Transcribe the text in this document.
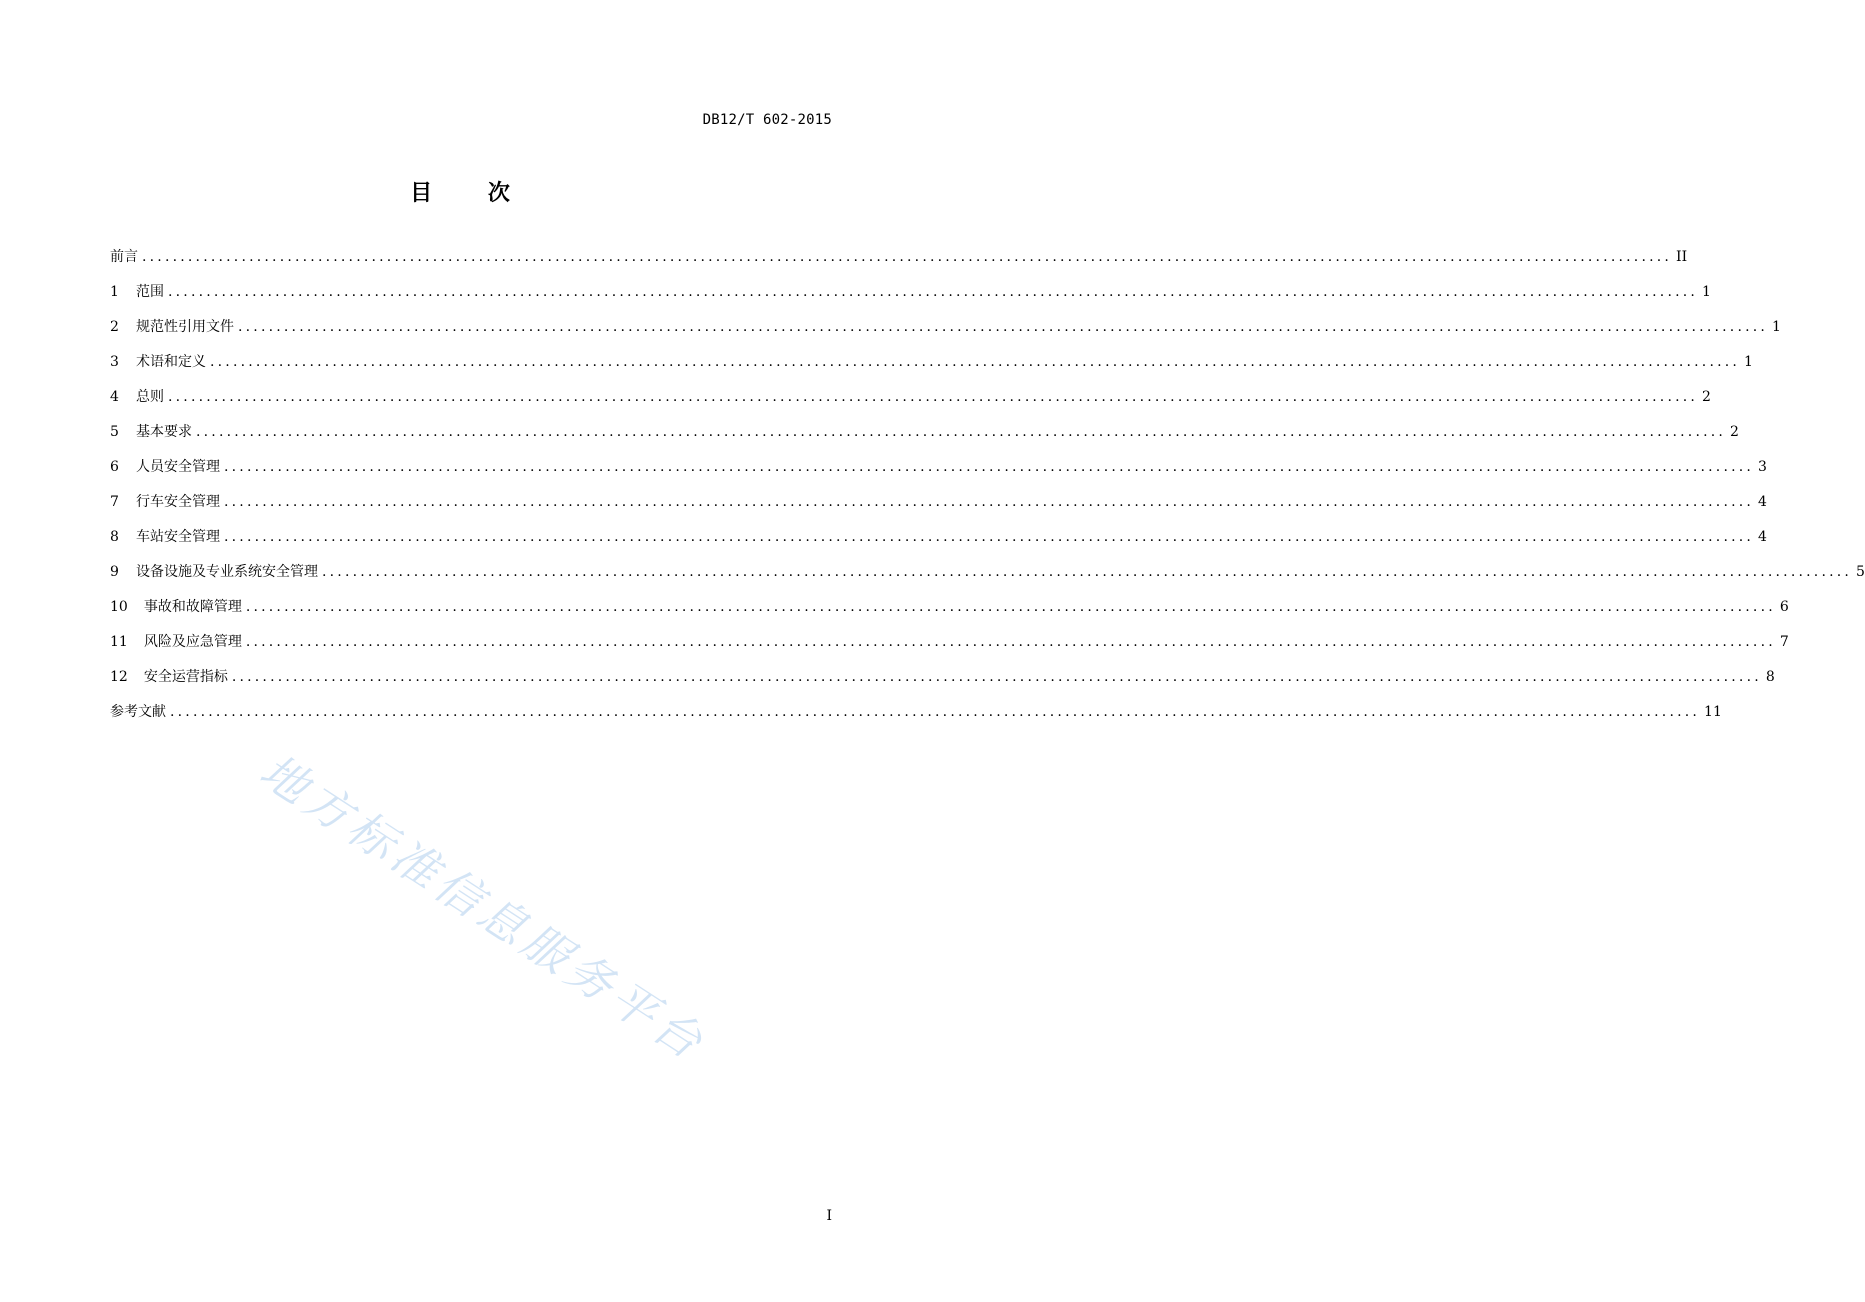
DB12/T 602-2015
目 次
前言 ........................................................................................................................................................................................................ II
1 范围 ........................................................................................................................................................................................................ 1
2 规范性引用文件 ........................................................................................................................................................................................................ 1
3 术语和定义 ........................................................................................................................................................................................................ 1
4 总则 ........................................................................................................................................................................................................ 2
5 基本要求 ........................................................................................................................................................................................................ 2
6 人员安全管理 ........................................................................................................................................................................................................ 3
7 行车安全管理 ........................................................................................................................................................................................................ 4
8 车站安全管理 ........................................................................................................................................................................................................ 4
9 设备设施及专业系统安全管理 ........................................................................................................................................................................................................ 5
10 事故和故障管理 ........................................................................................................................................................................................................ 6
11 风险及应急管理 ........................................................................................................................................................................................................ 7
12 安全运营指标 ........................................................................................................................................................................................................ 8
参考文献 ........................................................................................................................................................................................................ 11
地方标准信息服务平台
I
